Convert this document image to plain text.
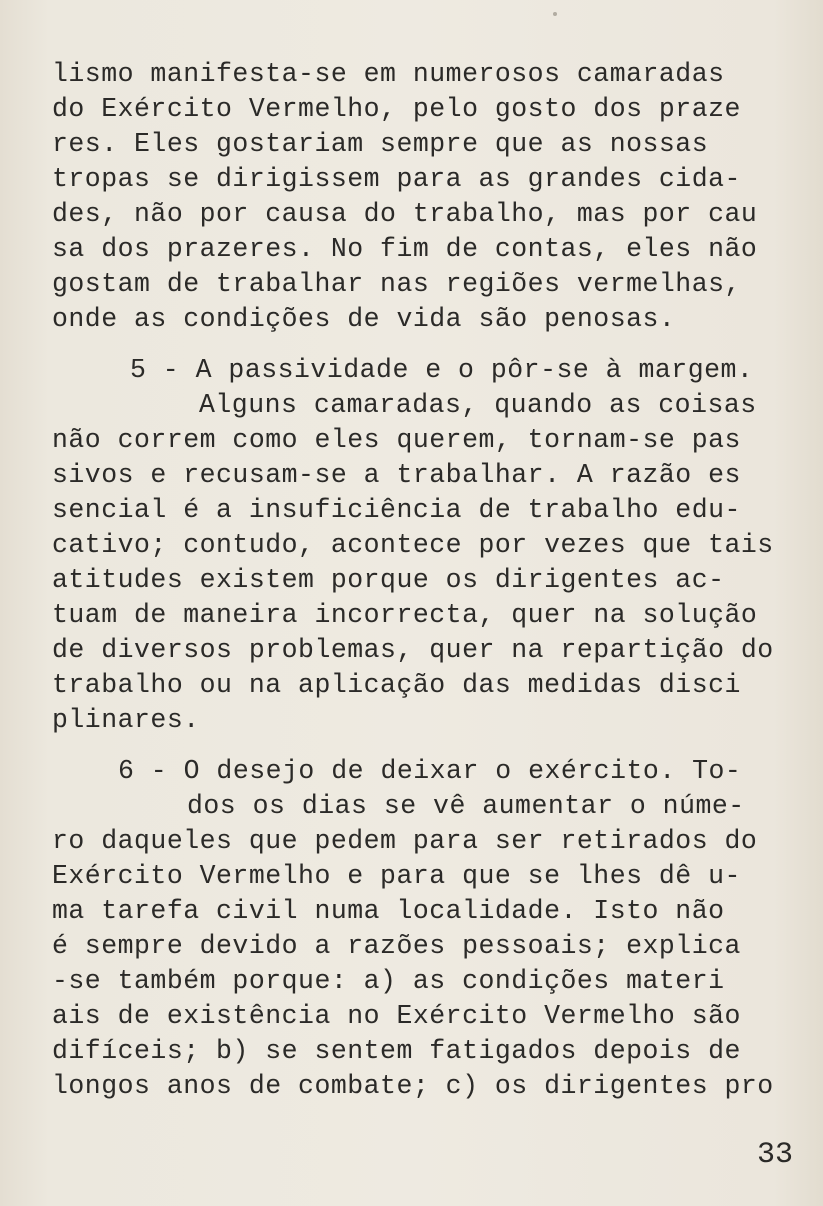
lismo manifesta-se em numerosos camaradas
do Exército Vermelho, pelo gosto dos praze
res. Eles gostariam sempre que as nossas
tropas se dirigissem para as grandes cida-
des, não por causa do trabalho, mas por cau
sa dos prazeres. No fim de contas, eles não
gostam de trabalhar nas regiões vermelhas,
onde as condições de vida são penosas.
5 - A passividade e o pôr-se à margem.
Alguns camaradas, quando as coisas
não correm como eles querem, tornam-se pas
sivos e recusam-se a trabalhar. A razão es
sencial é a insuficiência de trabalho edu-
cativo; contudo, acontece por vezes que tais
atitudes existem porque os dirigentes ac-
tuam de maneira incorrecta, quer na solução
de diversos problemas, quer na repartição do
trabalho ou na aplicação das medidas disci
plinares.
6 - O desejo de deixar o exército. To-
dos os dias se vê aumentar o núme-
ro daqueles que pedem para ser retirados do
Exército Vermelho e para que se lhes dê u-
ma tarefa civil numa localidade. Isto não
é sempre devido a razões pessoais; explica
-se também porque: a) as condições materi
ais de existência no Exército Vermelho são
difíceis; b) se sentem fatigados depois de
longos anos de combate; c) os dirigentes pro
33
